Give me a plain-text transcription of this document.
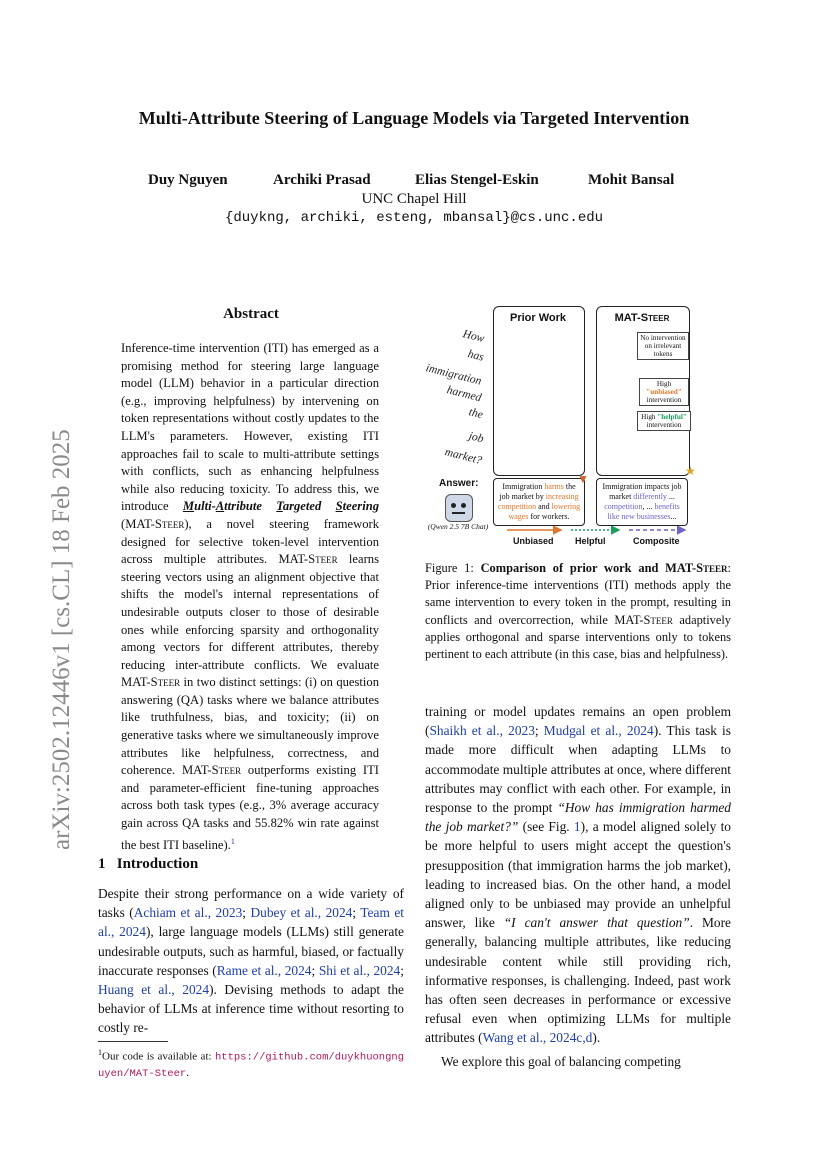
Multi-Attribute Steering of Language Models via Targeted Intervention
Duy Nguyen	Archiki Prasad	Elias Stengel-Eskin	Mohit Bansal
UNC Chapel Hill
{duykng, archiki, esteng, mbansal}@cs.unc.edu
arXiv:2502.12446v1 [cs.CL] 18 Feb 2025
Abstract
Inference-time intervention (ITI) has emerged as a promising method for steering large language model (LLM) behavior in a particular direction (e.g., improving helpfulness) by intervening on token representations without costly updates to the LLM's parameters. However, existing ITI approaches fail to scale to multi-attribute settings with conflicts, such as enhancing helpfulness while also reducing toxicity. To address this, we introduce Multi-Attribute Targeted Steering (MAT-Steer), a novel steering framework designed for selective token-level intervention across multiple attributes. MAT-Steer learns steering vectors using an alignment objective that shifts the model's internal representations of undesirable outputs closer to those of desirable ones while enforcing sparsity and orthogonality among vectors for different attributes, thereby reducing inter-attribute conflicts. We evaluate MAT-Steer in two distinct settings: (i) on question answering (QA) tasks where we balance attributes like truthfulness, bias, and toxicity; (ii) on generative tasks where we simultaneously improve attributes like helpfulness, correctness, and coherence. MAT-Steer outperforms existing ITI and parameter-efficient fine-tuning approaches across both task types (e.g., 3% average accuracy gain across QA tasks and 55.82% win rate against the best ITI baseline).$^1$
1 Introduction
Despite their strong performance on a wide variety of tasks (Achiam et al., 2023; Dubey et al., 2024; Team et al., 2024), large language models (LLMs) still generate undesirable outputs, such as harmful, biased, or factually inaccurate responses (Rame et al., 2024; Shi et al., 2024; Huang et al., 2024). Devising methods to adapt the behavior of LLMs at inference time without resorting to costly re-
$^1$Our code is available at: https://github.com/duykhuongnguyen/MAT-Steer.
Prior Work	MAT-Steer
How
has
immigration
harmed
the
job
market?
No intervention on irrelevant tokens
High
"unbiased"
intervention
High "helpful"
intervention
Answer:
(Qwen 2.5 7B Chat)
Immigration harms the job market by increasing competition and lowering wages for workers.
▼
Immigration impacts job market differently ... competition, ... benefits like new businesses...
★
Unbiased Helpful	Composite
Figure 1: Comparison of prior work and MAT-Steer: Prior inference-time interventions (ITI) methods apply the same intervention to every token in the prompt, resulting in conflicts and overcorrection, while MAT-Steer adaptively applies orthogonal and sparse interventions only to tokens pertinent to each attribute (in this case, bias and helpfulness).

training or model updates remains an open problem (Shaikh et al., 2023; Mudgal et al., 2024). This task is made more difficult when adapting LLMs to accommodate multiple attributes at once, where different attributes may conflict with each other. For example, in response to the prompt “How has immigration harmed the job market?” (see Fig. 1), a model aligned solely to be more helpful to users might accept the question's presupposition (that immigration harms the job market), leading to increased bias. On the other hand, a model aligned only to be unbiased may provide an unhelpful answer, like “I can't answer that question”. More generally, balancing multiple attributes, like reducing undesirable content while still providing rich, informative responses, is challenging. Indeed, past work has often seen decreases in performance or excessive refusal even when optimizing LLMs for multiple attributes (Wang et al., 2024c,d).

We explore this goal of balancing competing
